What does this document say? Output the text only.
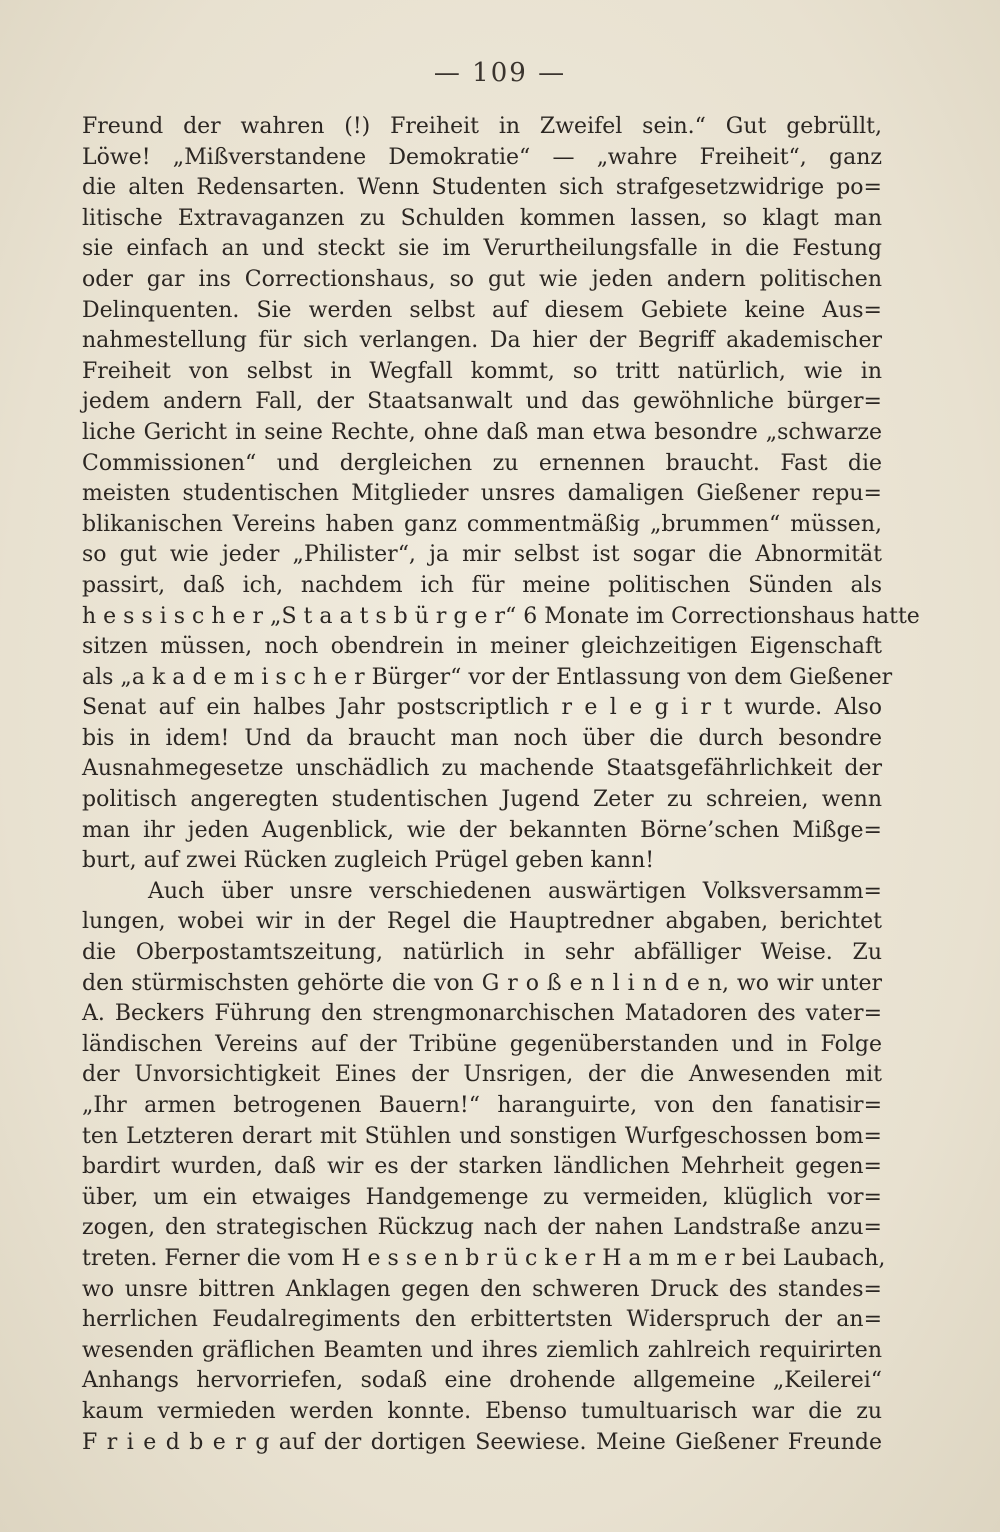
— 109 —
Freund der wahren (!) Freiheit in Zweifel sein.“ Gut gebrüllt,
Löwe! „Mißverstandene Demokratie“ — „wahre Freiheit“, ganz
die alten Redensarten. Wenn Studenten sich strafgesetzwidrige po=
litische Extravaganzen zu Schulden kommen lassen, so klagt man
sie einfach an und steckt sie im Verurtheilungsfalle in die Festung
oder gar ins Correctionshaus, so gut wie jeden andern politischen
Delinquenten. Sie werden selbst auf diesem Gebiete keine Aus=
nahmestellung für sich verlangen. Da hier der Begriff akademischer
Freiheit von selbst in Wegfall kommt, so tritt natürlich, wie in
jedem andern Fall, der Staatsanwalt und das gewöhnliche bürger=
liche Gericht in seine Rechte, ohne daß man etwa besondre „schwarze
Commissionen“ und dergleichen zu ernennen braucht. Fast die
meisten studentischen Mitglieder unsres damaligen Gießener repu=
blikanischen Vereins haben ganz commentmäßig „brummen“ müssen,
so gut wie jeder „Philister“, ja mir selbst ist sogar die Abnormität
passirt, daß ich, nachdem ich für meine politischen Sünden als
h e s s i s c h e r „S t a a t s b ü r g e r“ 6 Monate im Correctionshaus hatte
sitzen müssen, noch obendrein in meiner gleichzeitigen Eigenschaft
als „a k a d e m i s c h e r Bürger“ vor der Entlassung von dem Gießener
Senat auf ein halbes Jahr postscriptlich r e l e g i r t wurde. Also
bis in idem! Und da braucht man noch über die durch besondre
Ausnahmegesetze unschädlich zu machende Staatsgefährlichkeit der
politisch angeregten studentischen Jugend Zeter zu schreien, wenn
man ihr jeden Augenblick, wie der bekannten Börne’schen Mißge=
burt, auf zwei Rücken zugleich Prügel geben kann!
Auch über unsre verschiedenen auswärtigen Volksversamm=
lungen, wobei wir in der Regel die Hauptredner abgaben, berichtet
die Oberpostamtszeitung, natürlich in sehr abfälliger Weise. Zu
den stürmischsten gehörte die von G r o ß e n l i n d e n, wo wir unter
A. Beckers Führung den strengmonarchischen Matadoren des vater=
ländischen Vereins auf der Tribüne gegenüberstanden und in Folge
der Unvorsichtigkeit Eines der Unsrigen, der die Anwesenden mit
„Ihr armen betrogenen Bauern!“ haranguirte, von den fanatisir=
ten Letzteren derart mit Stühlen und sonstigen Wurfgeschossen bom=
bardirt wurden, daß wir es der starken ländlichen Mehrheit gegen=
über, um ein etwaiges Handgemenge zu vermeiden, klüglich vor=
zogen, den strategischen Rückzug nach der nahen Landstraße anzu=
treten. Ferner die vom H e s s e n b r ü c k e r H a m m e r bei Laubach,
wo unsre bittren Anklagen gegen den schweren Druck des standes=
herrlichen Feudalregiments den erbittertsten Widerspruch der an=
wesenden gräflichen Beamten und ihres ziemlich zahlreich requirirten
Anhangs hervorriefen, sodaß eine drohende allgemeine „Keilerei“
kaum vermieden werden konnte. Ebenso tumultuarisch war die zu
F r i e d b e r g auf der dortigen Seewiese. Meine Gießener Freunde
